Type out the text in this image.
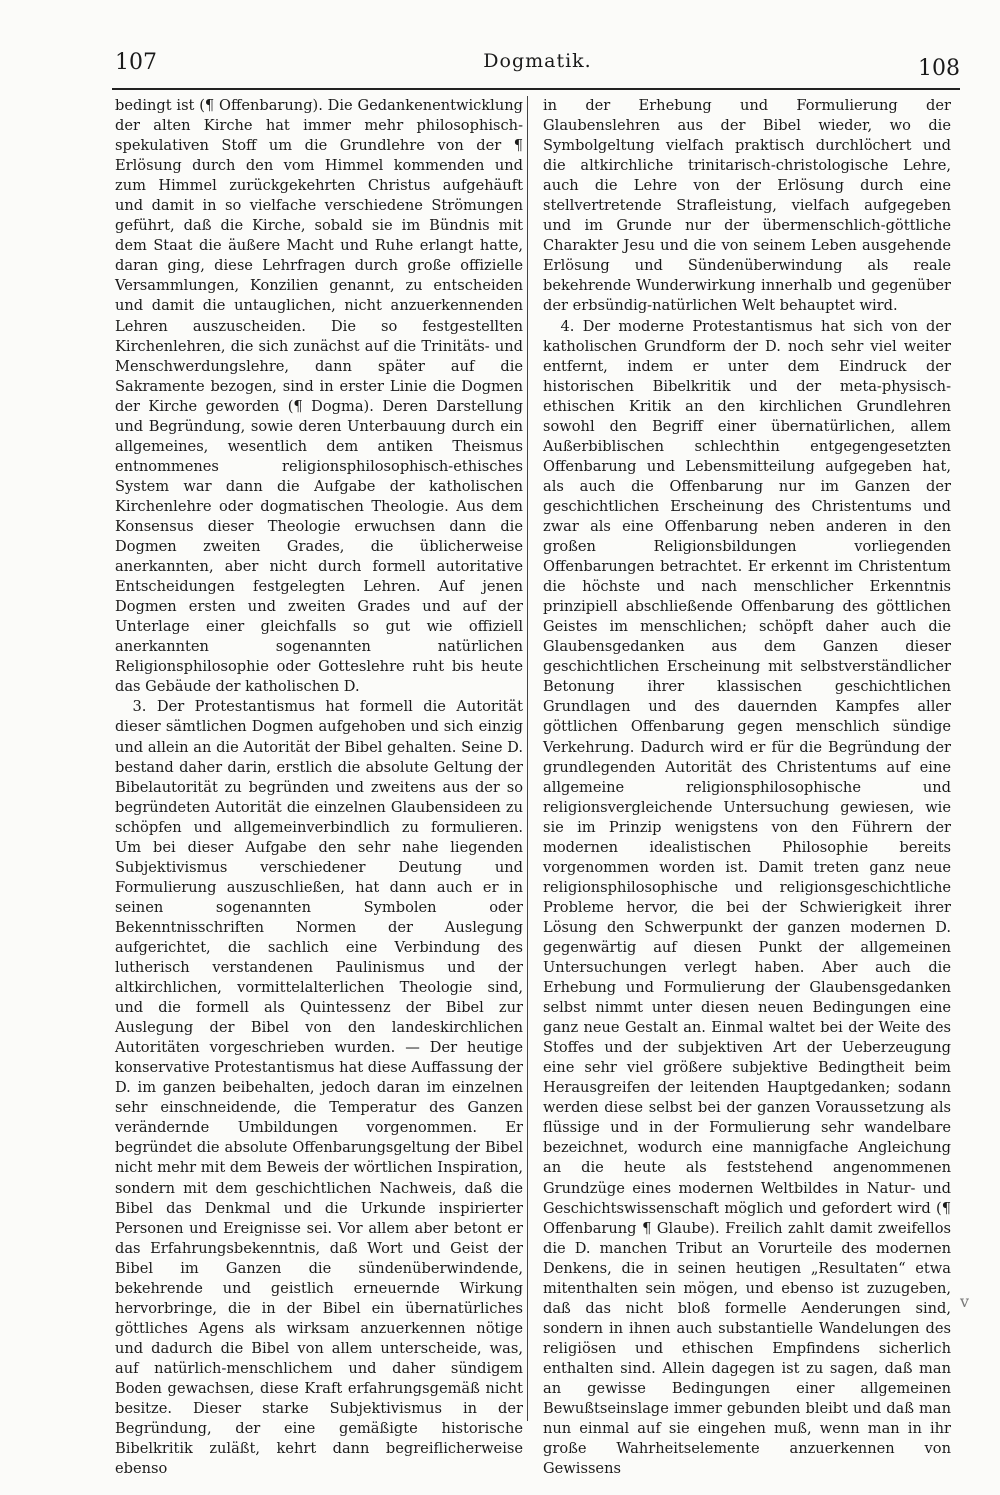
107	Dogmatik.	108

bedingt ist (¶ Offenbarung). Die Gedankenentwicklung der alten Kirche hat immer mehr philosophisch-spekulativen Stoff um die Grundlehre von der ¶ Erlösung durch den vom Himmel kommenden und zum Himmel zurückgekehrten Christus aufgehäuft und damit in so vielfache verschiedene Strömungen geführt, daß die Kirche, sobald sie im Bündnis mit dem Staat die äußere Macht und Ruhe erlangt hatte, daran ging, diese Lehrfragen durch große offizielle Versammlungen, Konzilien genannt, zu entscheiden und damit die untauglichen, nicht anzuerkennenden Lehren auszuscheiden. Die so festgestellten Kirchenlehren, die sich zunächst auf die Trinitäts- und Menschwerdungslehre, dann später auf die Sakramente bezogen, sind in erster Linie die Dogmen der Kirche geworden (¶ Dogma). Deren Darstellung und Begründung, sowie deren Unterbauung durch ein allgemeines, wesentlich dem antiken Theismus entnommenes religionsphilosophisch-ethisches System war dann die Aufgabe der katholischen Kirchenlehre oder dogmatischen Theologie. Aus dem Konsensus dieser Theologie erwuchsen dann die Dogmen zweiten Grades, die üblicherweise anerkannten, aber nicht durch formell autoritative Entscheidungen festgelegten Lehren. Auf jenen Dogmen ersten und zweiten Grades und auf der Unterlage einer gleichfalls so gut wie offiziell anerkannten sogenannten natürlichen Religionsphilosophie oder Gotteslehre ruht bis heute das Gebäude der katholischen D.

3. Der Protestantismus hat formell die Autorität dieser sämtlichen Dogmen aufgehoben und sich einzig und allein an die Autorität der Bibel gehalten. Seine D. bestand daher darin, erstlich die absolute Geltung der Bibelautorität zu begründen und zweitens aus der so begründeten Autorität die einzelnen Glaubensideen zu schöpfen und allgemeinverbindlich zu formulieren. Um bei dieser Aufgabe den sehr nahe liegenden Subjektivismus verschiedener Deutung und Formulierung auszuschließen, hat dann auch er in seinen sogenannten Symbolen oder Bekenntnisschriften Normen der Auslegung aufgerichtet, die sachlich eine Verbindung des lutherisch verstandenen Paulinismus und der altkirchlichen, vormittelalterlichen Theologie sind, und die formell als Quintessenz der Bibel zur Auslegung der Bibel von den landeskirchlichen Autoritäten vorgeschrieben wurden. — Der heutige konservative Protestantismus hat diese Auffassung der D. im ganzen beibehalten, jedoch daran im einzelnen sehr einschneidende, die Temperatur des Ganzen verändernde Umbildungen vorgenommen. Er begründet die absolute Offenbarungsgeltung der Bibel nicht mehr mit dem Beweis der wörtlichen Inspiration, sondern mit dem geschichtlichen Nachweis, daß die Bibel das Denkmal und die Urkunde inspirierter Personen und Ereignisse sei. Vor allem aber betont er das Erfahrungsbekenntnis, daß Wort und Geist der Bibel im Ganzen die sündenüberwindende, bekehrende und geistlich erneuernde Wirkung hervorbringe, die in der Bibel ein übernatürliches göttliches Agens als wirksam anzuerkennen nötige und dadurch die Bibel von allem unterscheide, was, auf natürlich-menschlichem und daher sündigem Boden gewachsen, diese Kraft erfahrungsgemäß nicht besitze. Dieser starke Subjektivismus in der Begründung, der eine gemäßigte historische Bibelkritik zuläßt, kehrt dann begreiflicherweise ebenso

in der Erhebung und Formulierung der Glaubenslehren aus der Bibel wieder, wo die Symbolgeltung vielfach praktisch durchlöchert und die altkirchliche trinitarisch-christologische Lehre, auch die Lehre von der Erlösung durch eine stellvertretende Strafleistung, vielfach aufgegeben und im Grunde nur der übermenschlich-göttliche Charakter Jesu und die von seinem Leben ausgehende Erlösung und Sündenüberwindung als reale bekehrende Wunderwirkung innerhalb und gegenüber der erbsündig-natürlichen Welt behauptet wird.

4. Der moderne Protestantismus hat sich von der katholischen Grundform der D. noch sehr viel weiter entfernt, indem er unter dem Eindruck der historischen Bibelkritik und der meta-physisch-ethischen Kritik an den kirchlichen Grundlehren sowohl den Begriff einer übernatürlichen, allem Außerbiblischen schlechthin entgegengesetzten Offenbarung und Lebensmitteilung aufgegeben hat, als auch die Offenbarung nur im Ganzen der geschichtlichen Erscheinung des Christentums und zwar als eine Offenbarung neben anderen in den großen Religionsbildungen vorliegenden Offenbarungen betrachtet. Er erkennt im Christentum die höchste und nach menschlicher Erkenntnis prinzipiell abschließende Offenbarung des göttlichen Geistes im menschlichen; schöpft daher auch die Glaubensgedanken aus dem Ganzen dieser geschichtlichen Erscheinung mit selbstverständlicher Betonung ihrer klassischen geschichtlichen Grundlagen und des dauernden Kampfes aller göttlichen Offenbarung gegen menschlich sündige Verkehrung. Dadurch wird er für die Begründung der grundlegenden Autorität des Christentums auf eine allgemeine religionsphilosophische und religionsvergleichende Untersuchung gewiesen, wie sie im Prinzip wenigstens von den Führern der modernen idealistischen Philosophie bereits vorgenommen worden ist. Damit treten ganz neue religionsphilosophische und religionsgeschichtliche Probleme hervor, die bei der Schwierigkeit ihrer Lösung den Schwerpunkt der ganzen modernen D. gegenwärtig auf diesen Punkt der allgemeinen Untersuchungen verlegt haben. Aber auch die Erhebung und Formulierung der Glaubensgedanken selbst nimmt unter diesen neuen Bedingungen eine ganz neue Gestalt an. Einmal waltet bei der Weite des Stoffes und der subjektiven Art der Ueberzeugung eine sehr viel größere subjektive Bedingtheit beim Herausgreifen der leitenden Hauptgedanken; sodann werden diese selbst bei der ganzen Voraussetzung als flüssige und in der Formulierung sehr wandelbare bezeichnet, wodurch eine mannigfache Angleichung an die heute als feststehend angenommenen Grundzüge eines modernen Weltbildes in Natur- und Geschichtswissenschaft möglich und gefordert wird (¶ Offenbarung ¶ Glaube). Freilich zahlt damit zweifellos die D. manchen Tribut an Vorurteile des modernen Denkens, die in seinen heutigen „Resultaten“ etwa mitenthalten sein mögen, und ebenso ist zuzugeben, daß das nicht bloß formelle Aenderungen sind, sondern in ihnen auch substantielle Wandelungen des religiösen und ethischen Empfindens sicherlich enthalten sind. Allein dagegen ist zu sagen, daß man an gewisse Bedingungen einer allgemeinen Bewußtseinslage immer gebunden bleibt und daß man nun einmal auf sie eingehen muß, wenn man in ihr große Wahrheitselemente anzuerkennen von Gewissens

v
